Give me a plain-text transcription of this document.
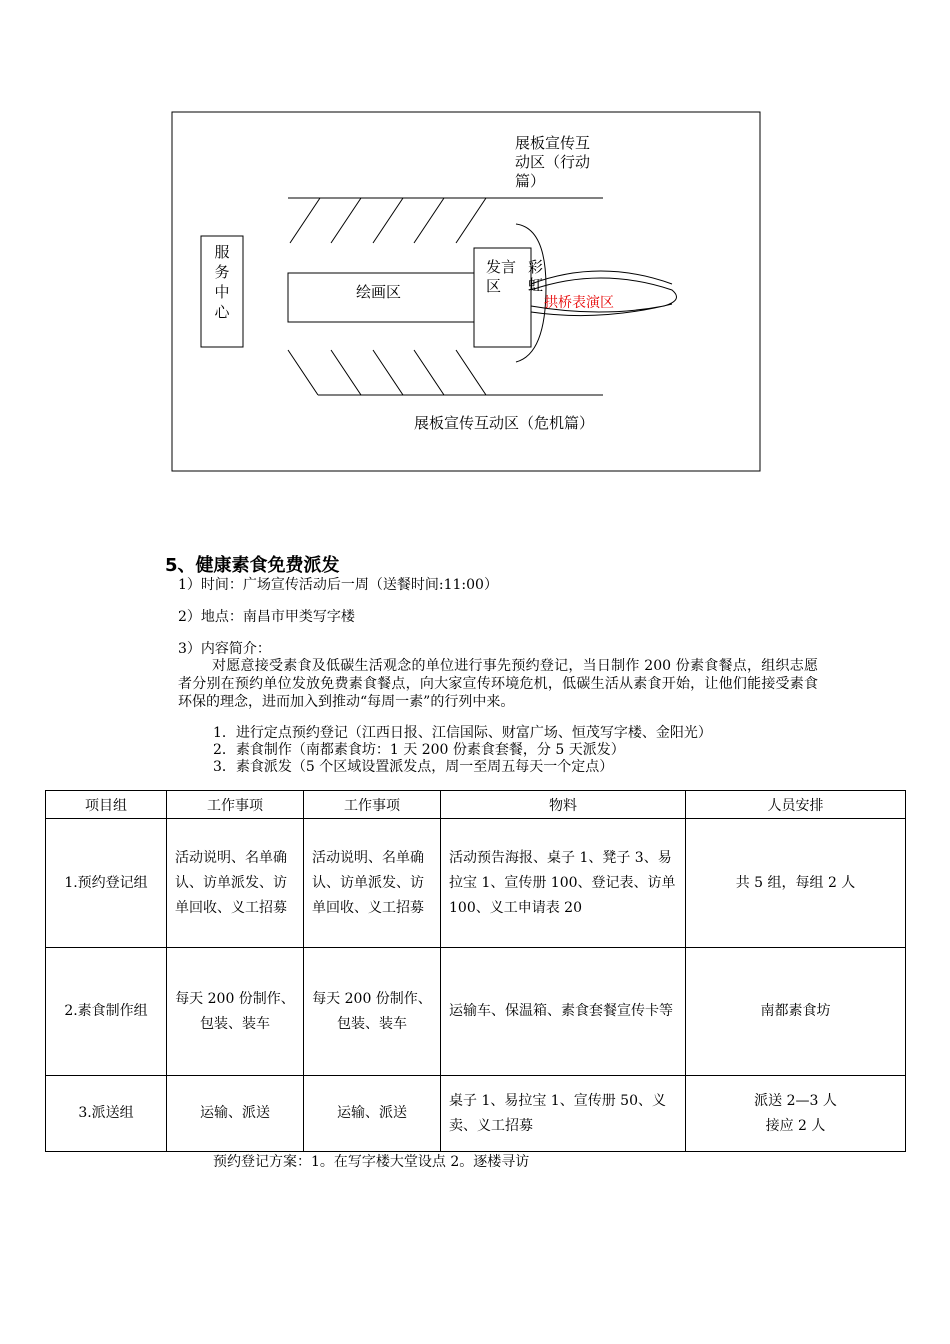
展板宣传互
动区（行动
篇）
服
务
中
心
绘画区
发言
区
彩
虹
拱桥表演区
展板宣传互动区（危机篇）
5、健康素食免费派发
1）时间：广场宣传活动后一周（送餐时间:11:00）
2）地点：南昌市甲类写字楼
3）内容简介：
对愿意接受素食及低碳生活观念的单位进行事先预约登记，当日制作 200 份素食餐点，组织志愿者分别在预约单位发放免费素食餐点，向大家宣传环境危机，低碳生活从素食开始，让他们能接受素食环保的理念，进而加入到推动“每周一素”的行列中来。
1．进行定点预约登记（江西日报、江信国际、财富广场、恒茂写字楼、金阳光）
2．素食制作（南都素食坊：1 天 200 份素食套餐，分 5 天派发）
3．素食派发（5 个区域设置派发点，周一至周五每天一个定点）
项目组	工作事项	工作事项	物料	人员安排
1.预约登记组	活动说明、名单确认、访单派发、访单回收、义工招募	活动说明、名单确认、访单派发、访单回收、义工招募	活动预告海报、桌子 1、凳子 3、易拉宝 1、宣传册 100、登记表、访单 100、义工申请表 20	共 5 组，每组 2 人
2.素食制作组	每天 200 份制作、包装、装车	每天 200 份制作、包装、装车	运输车、保温箱、素食套餐宣传卡等	南都素食坊
3.派送组	运输、派送	运输、派送	桌子 1、易拉宝 1、宣传册 50、义卖、义工招募	派送 2—3 人
接应 2 人
预约登记方案：1。在写字楼大堂设点 2。逐楼寻访
